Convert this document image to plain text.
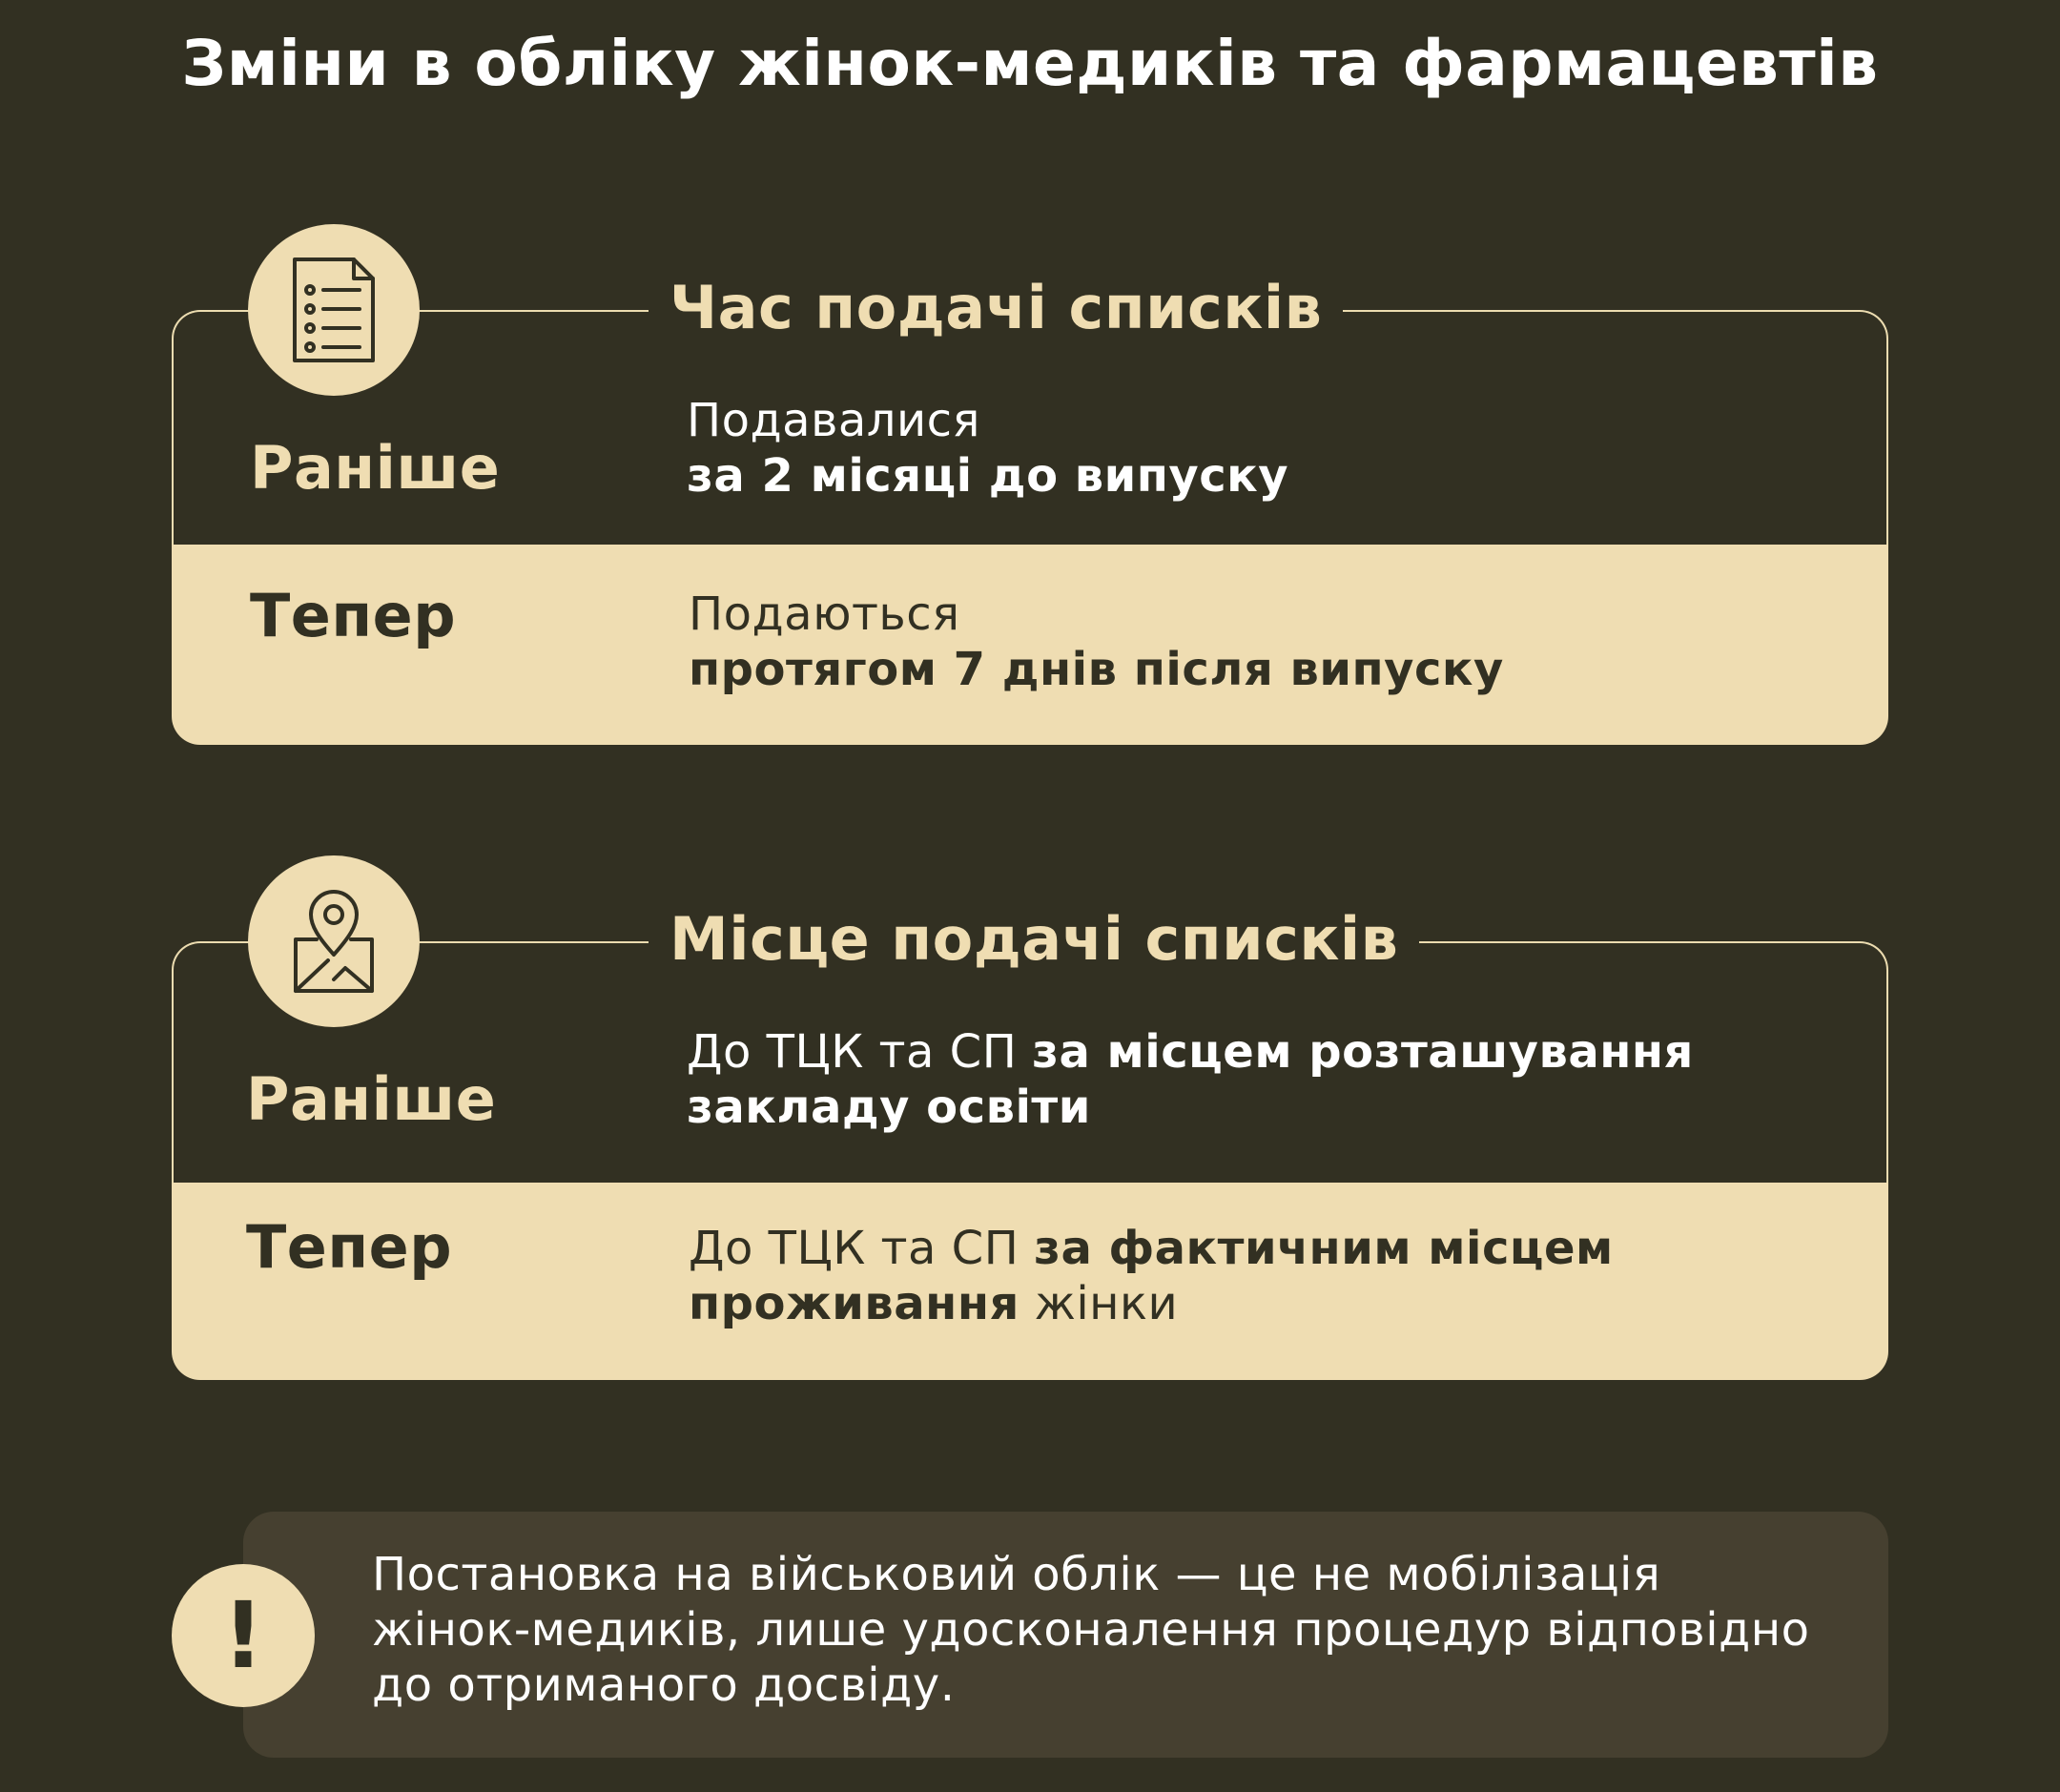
Зміни в обліку жінок-медиків та фармацевтів
Час подачі списків
Раніше
Подавалися
за 2 місяці до випуску
Тепер	Подаються
протягом 7 днів після випуску
Місце подачі списків
Раніше
До ТЦК та СП за місцем розташування
закладу освіти
Тепер	До ТЦК та СП за фактичним місцем
проживання жінки
!
Постановка на військовий облік — це не мобілізація
жінок-медиків, лише удосконалення процедур відповідно
до отриманого досвіду.
